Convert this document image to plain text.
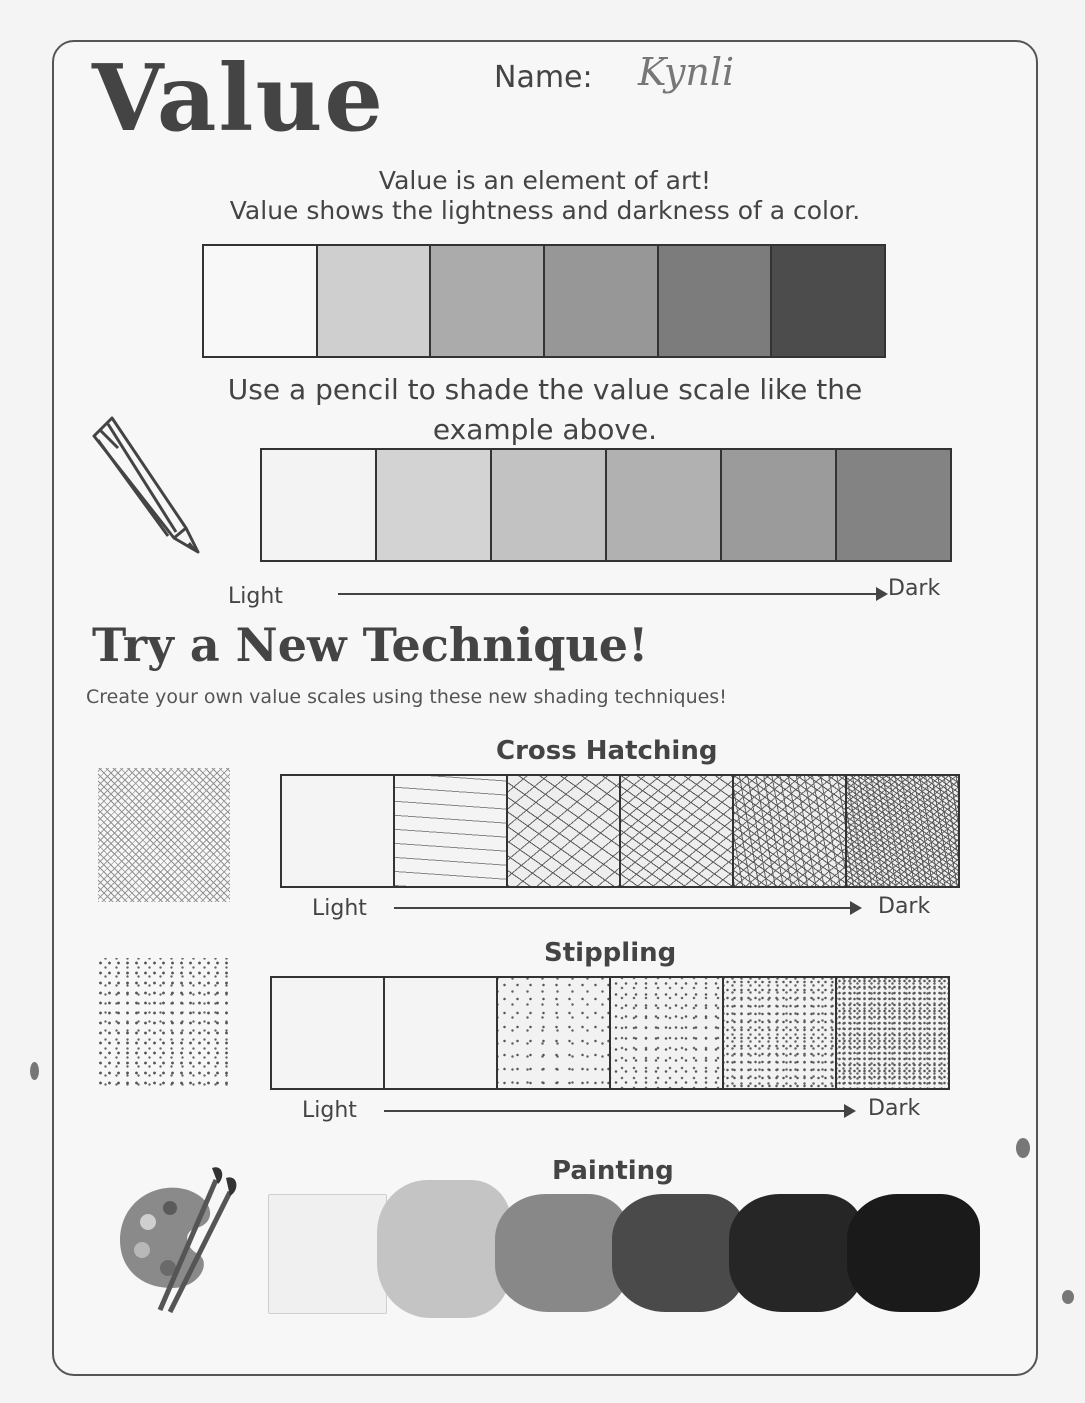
Value	Name: Kynli
Value is an element of art!
Value shows the lightness and darkness of a color.
Use a pencil to shade the value scale like the
example above.
Light	Dark
Try a New Technique!
Create your own value scales using these new shading techniques!
Cross Hatching
Light	Dark
Stippling
Light	Dark
Painting
